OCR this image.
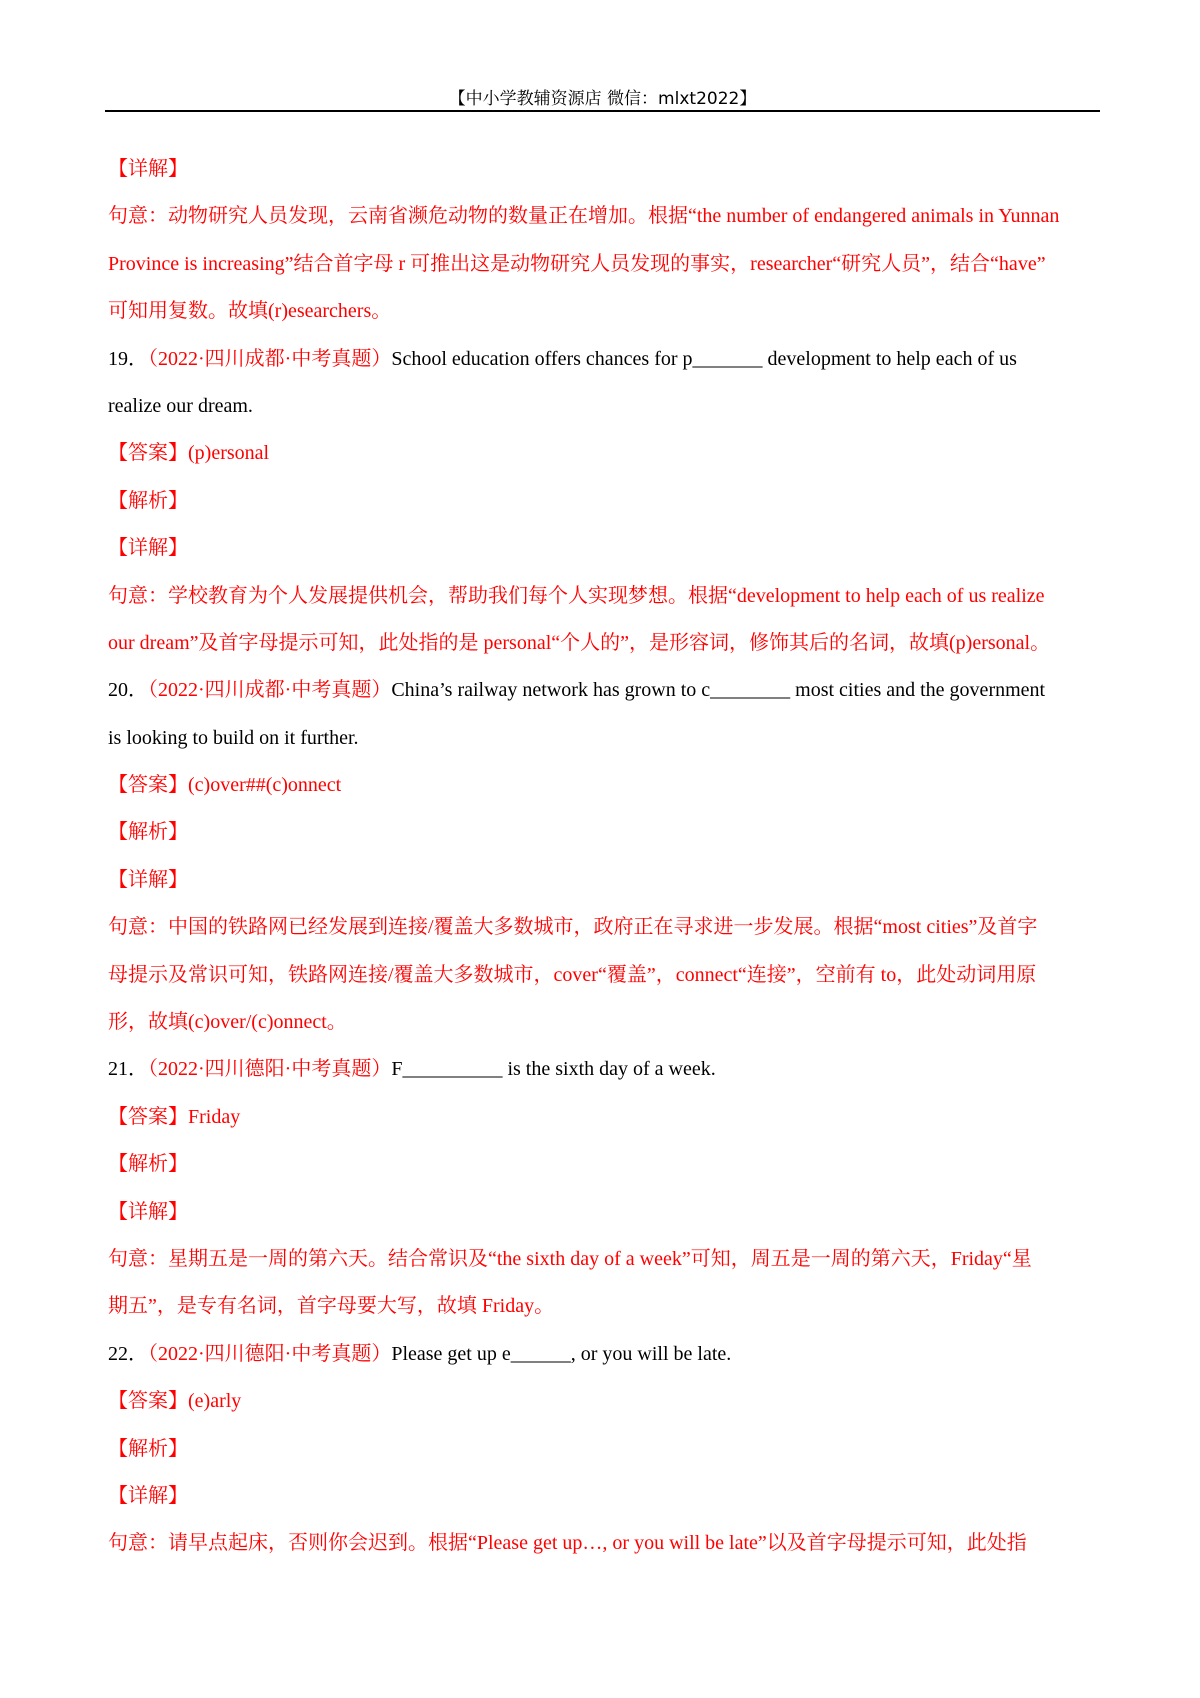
【中小学教辅资源店 微信：mlxt2022】
【详解】
句意：动物研究人员发现，云南省濒危动物的数量正在增加。根据“the number of endangered animals in Yunnan
Province is increasing”结合首字母 r 可推出这是动物研究人员发现的事实，researcher“研究人员”，结合“have”
可知用复数。故填(r)esearchers。
19．（2022·四川成都·中考真题）School education offers chances for p_______ development to help each of us
realize our dream.
【答案】(p)ersonal
【解析】
【详解】
句意：学校教育为个人发展提供机会，帮助我们每个人实现梦想。根据“development to help each of us realize
our dream”及首字母提示可知，此处指的是 personal“个人的”，是形容词，修饰其后的名词，故填(p)ersonal。
20．（2022·四川成都·中考真题）China’s railway network has grown to c________ most cities and the government
is looking to build on it further.
【答案】(c)over##(c)onnect
【解析】
【详解】
句意：中国的铁路网已经发展到连接/覆盖大多数城市，政府正在寻求进一步发展。根据“most cities”及首字
母提示及常识可知，铁路网连接/覆盖大多数城市，cover“覆盖”，connect“连接”，空前有 to，此处动词用原
形，故填(c)over/(c)onnect。
21．（2022·四川德阳·中考真题）F__________ is the sixth day of a week.
【答案】Friday
【解析】
【详解】
句意：星期五是一周的第六天。结合常识及“the sixth day of a week”可知，周五是一周的第六天，Friday“星
期五”，是专有名词，首字母要大写，故填 Friday。
22．（2022·四川德阳·中考真题）Please get up e______, or you will be late.
【答案】(e)arly
【解析】
【详解】
句意：请早点起床，否则你会迟到。根据“Please get up…, or you will be late”以及首字母提示可知，此处指
